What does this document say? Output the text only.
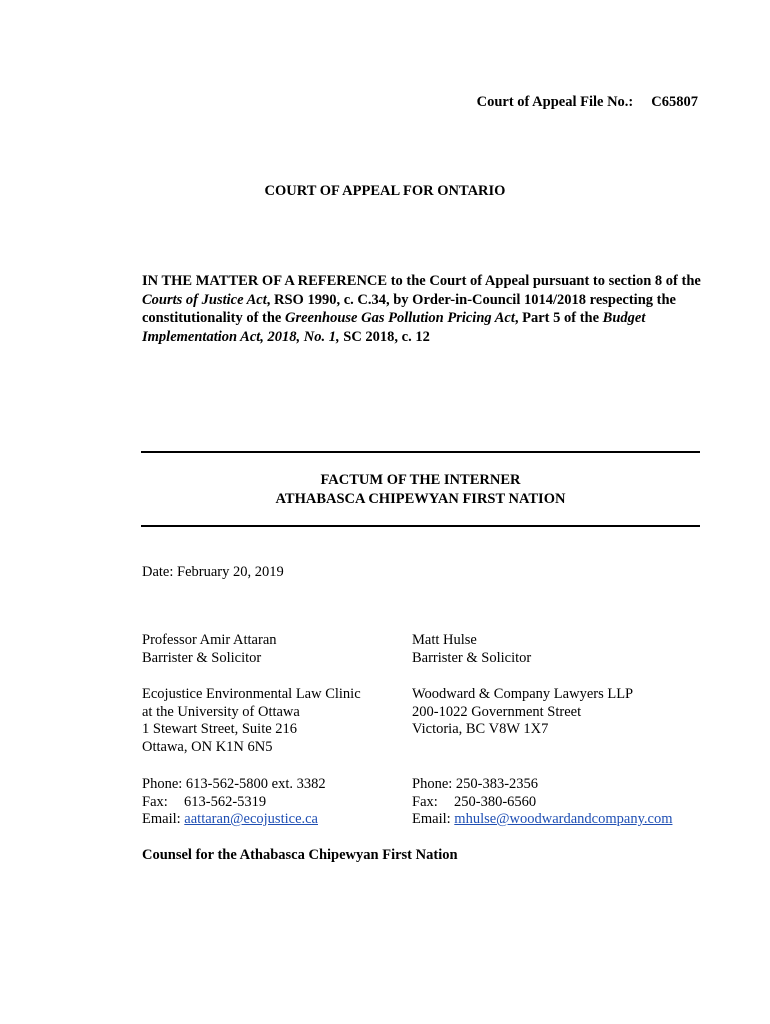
Court of Appeal File No.: C65807
COURT OF APPEAL FOR ONTARIO
IN THE MATTER OF A REFERENCE to the Court of Appeal pursuant to section 8 of the Courts of Justice Act, RSO 1990, c. C.34, by Order-in-Council 1014/2018 respecting the constitutionality of the Greenhouse Gas Pollution Pricing Act, Part 5 of the Budget Implementation Act, 2018, No. 1, SC 2018, c. 12
FACTUM OF THE INTERNER
ATHABASCA CHIPEWYAN FIRST NATION
Date: February 20, 2019
Professor Amir Attaran
Barrister & Solicitor
Ecojustice Environmental Law Clinic
at the University of Ottawa
1 Stewart Street, Suite 216
Ottawa, ON K1N 6N5
Phone: 613-562-5800 ext. 3382
Fax: 613-562-5319
Email: aattaran@ecojustice.ca
Matt Hulse
Barrister & Solicitor
Woodward & Company Lawyers LLP
200-1022 Government Street
Victoria, BC V8W 1X7
Phone: 250-383-2356
Fax: 250-380-6560
Email: mhulse@woodwardandcompany.com
Counsel for the Athabasca Chipewyan First Nation
